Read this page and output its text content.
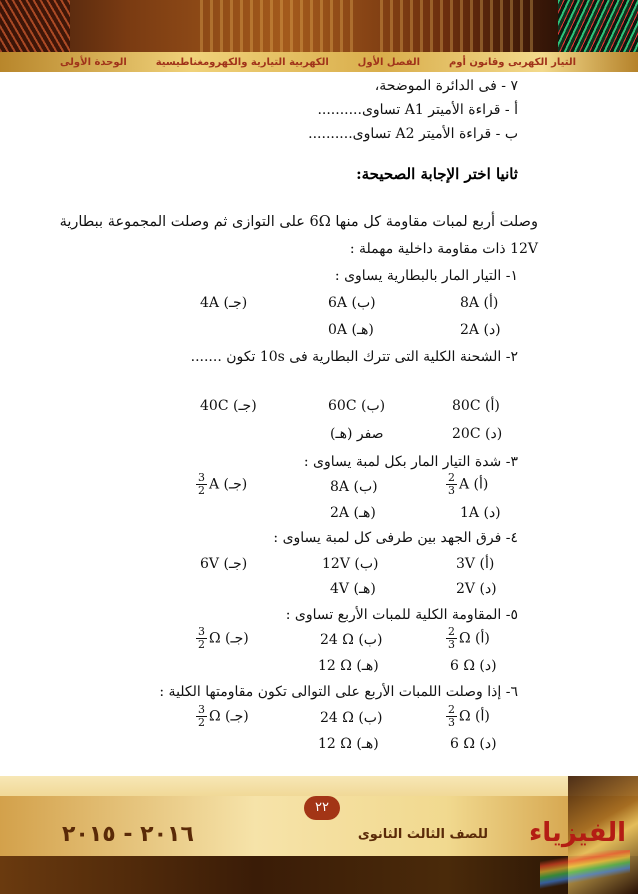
الوحدة الأولى	الكهربية التيارية والكهرومغناطيسية	الفصل الأول	التيار الكهربى وقانون أوم
٧ - فى الدائرة الموضحة،
أ - قراءة الأميتر A1 تساوى..........
ب - قراءة الأميتر A2 تساوى..........
ثانيا اختر الإجابة الصحيحة:
وصلت أربع لمبات مقاومة كل منها 6Ω على التوازى ثم وصلت المجموعة ببطارية
12V ذات مقاومة داخلية مهملة :
١- التيار المار بالبطارية يساوى :
8A (أ)
6A (ب)
4A (جـ)
2A (د)
0A (هـ)
٢- الشحنة الكلية التى تترك البطارية فى 10s تكون .......
80C (أ)
60C (ب)
40C (جـ)
20C (د)
(هـ) صفر
٣- شدة التيار المار بكل لمبة يساوى :
$\frac{2}{3}$ A (أ)
8A (ب)
$\frac{3}{2}$ A (جـ)
1A (د)
2A (هـ)
٤- فرق الجهد بين طرفى كل لمبة يساوى :
3V (أ)
12V (ب)
6V (جـ)
2V (د)
4V (هـ)
٥- المقاومة الكلية للمبات الأربع تساوى :
$\frac{2}{3}$ Ω (أ)
24 Ω (ب)
$\frac{3}{2}$ Ω (جـ)
6 Ω (د)
12 Ω (هـ)
٦- إذا وصلت اللمبات الأربع على التوالى تكون مقاومتها الكلية :
$\frac{2}{3}$ Ω (أ)
24 Ω (ب)
$\frac{3}{2}$ Ω (جـ)
6 Ω (د)
12 Ω (هـ)
٢٢
الفيزياء
للصف الثالث الثانوى
٢٠١٦ - ٢٠١٥
